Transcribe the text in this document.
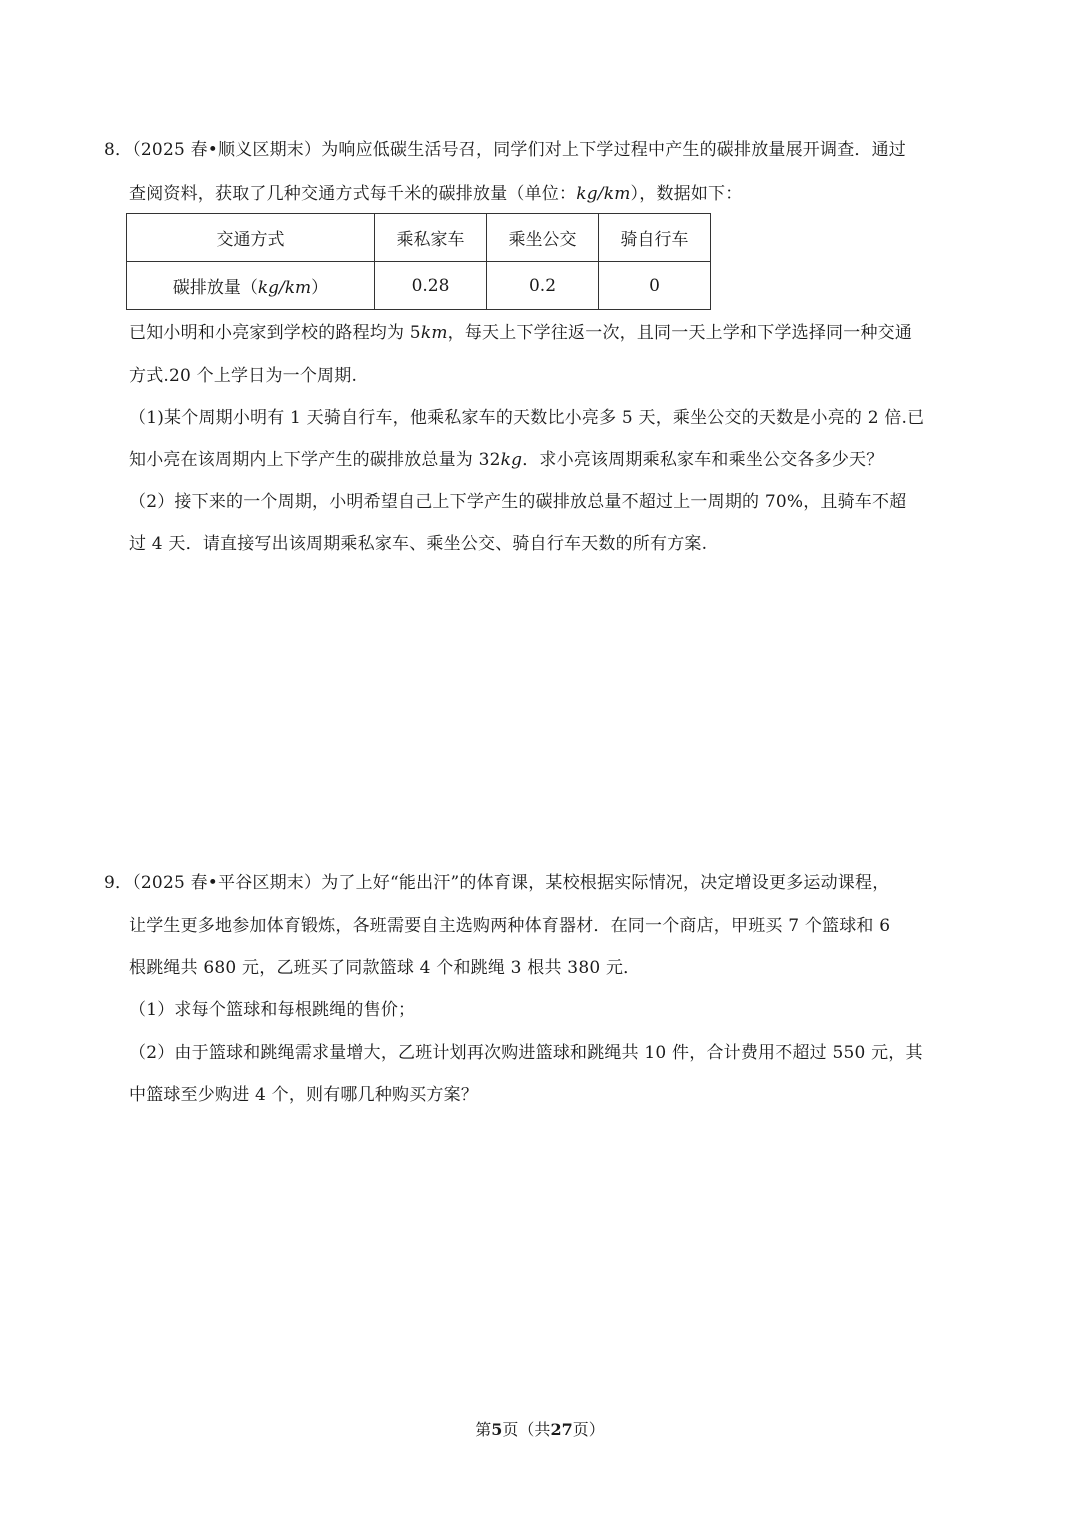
8．（2025 春•顺义区期末）为响应低碳生活号召，同学们对上下学过程中产生的碳排放量展开调查．通过
查阅资料，获取了几种交通方式每千米的碳排放量（单位：kg/km），数据如下：
交通方式	乘私家车	乘坐公交	骑自行车
碳排放量（kg/km）	0.28	0.2	0
已知小明和小亮家到学校的路程均为 5km，每天上下学往返一次，且同一天上学和下学选择同一种交通
方式.20 个上学日为一个周期.
（1)某个周期小明有 1 天骑自行车，他乘私家车的天数比小亮多 5 天，乘坐公交的天数是小亮的 2 倍.已
知小亮在该周期内上下学产生的碳排放总量为 32kg．求小亮该周期乘私家车和乘坐公交各多少天？
（2）接下来的一个周期，小明希望自己上下学产生的碳排放总量不超过上一周期的 70%，且骑车不超
过 4 天．请直接写出该周期乘私家车、乘坐公交、骑自行车天数的所有方案.
9．（2025 春•平谷区期末）为了上好“能出汗”的体育课，某校根据实际情况，决定增设更多运动课程，
让学生更多地参加体育锻炼，各班需要自主选购两种体育器材．在同一个商店，甲班买 7 个篮球和 6
根跳绳共 680 元，乙班买了同款篮球 4 个和跳绳 3 根共 380 元．
（1）求每个篮球和每根跳绳的售价；
（2）由于篮球和跳绳需求量增大，乙班计划再次购进篮球和跳绳共 10 件，合计费用不超过 550 元，其
中篮球至少购进 4 个，则有哪几种购买方案？
第5页（共27页）
